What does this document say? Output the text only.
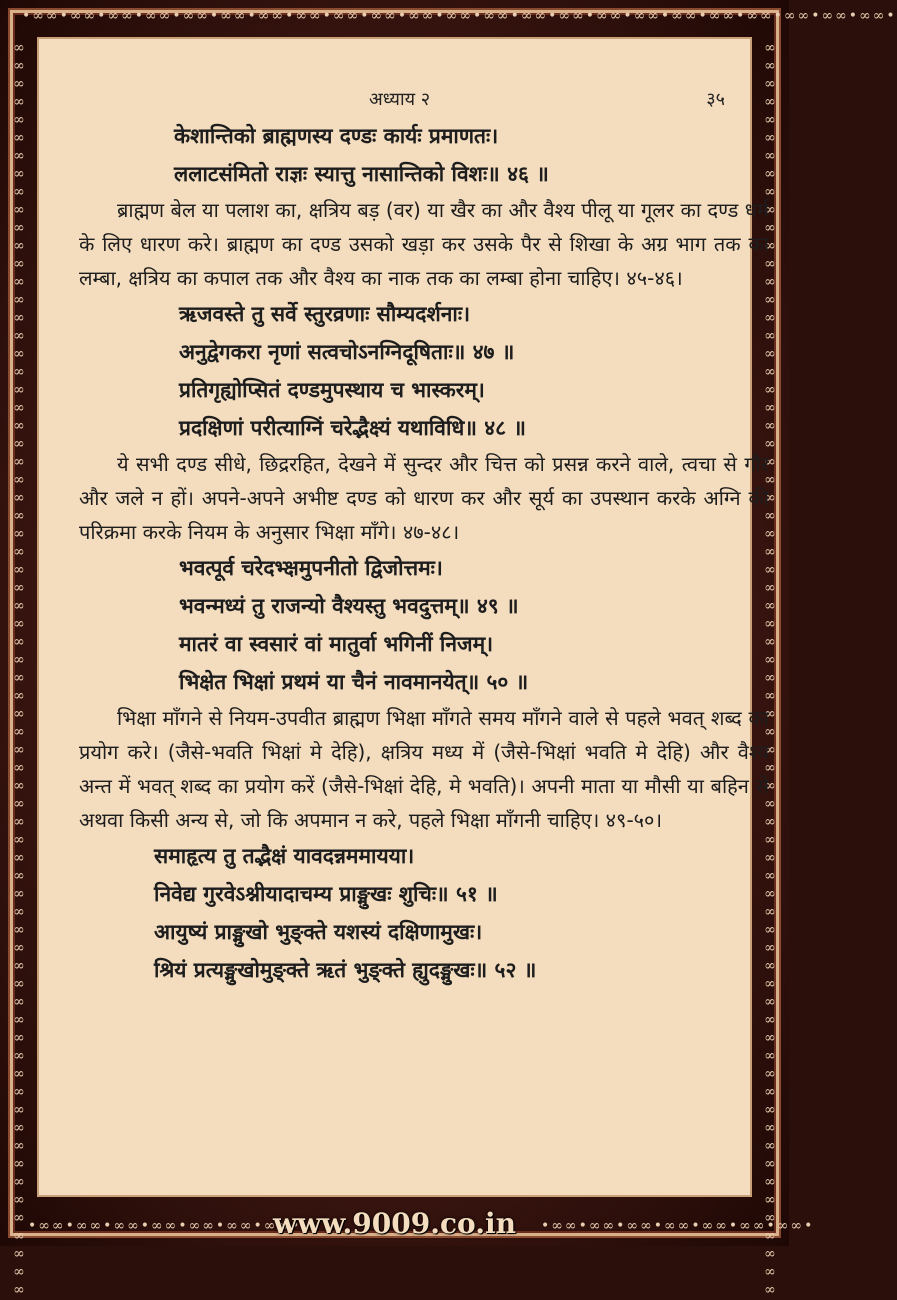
•∞∞•∞∞•∞∞•∞∞•∞∞•∞∞•∞∞•∞∞•∞∞•∞∞•∞∞•∞∞•∞∞•∞∞•∞∞•∞∞•∞∞•∞∞•∞∞•∞∞•∞∞•∞∞•∞∞•
∞∞∞∞∞∞∞∞∞∞∞∞∞∞∞∞∞∞∞∞∞∞∞∞∞∞∞∞∞∞∞∞∞∞∞∞∞∞∞∞∞∞∞∞∞∞∞∞∞∞∞∞∞∞∞∞∞∞∞∞∞∞∞∞∞∞∞∞∞∞	∞∞∞∞∞∞∞∞∞∞∞∞∞∞∞∞∞∞∞∞∞∞∞∞∞∞∞∞∞∞∞∞∞∞∞∞∞∞∞∞∞∞∞∞∞∞∞∞∞∞∞∞∞∞∞∞∞∞∞∞∞∞∞∞∞∞∞∞∞∞
•∞∞•∞∞•∞∞•∞∞•∞∞•∞∞•∞∞•	•∞∞•∞∞•∞∞•∞∞•∞∞•∞∞•∞∞•
अध्याय २	३५
केशान्तिको ब्राह्मणस्य दण्डः कार्यः प्रमाणतः।
ललाटसंमितो राज्ञः स्यात्तु नासान्तिको विशः॥ ४६ ॥

ब्राह्मण बेल या पलाश का, क्षत्रिय बड़ (वर) या खैर का और वैश्य पीलू या गूलर का दण्ड धर्म के लिए धारण करे। ब्राह्मण का दण्ड उसको खड़ा कर उसके पैर से शिखा के अग्र भाग तक का लम्बा, क्षत्रिय का कपाल तक और वैश्य का नाक तक का लम्बा होना चाहिए। ४५-४६।

ऋजवस्ते तु सर्वे स्तुरव्रणाः सौम्यदर्शनाः।
अनुद्वेगकरा नृणां सत्वचोऽनग्निदूषिताः॥ ४७ ॥
प्रतिगृह्योप्सितं दण्डमुपस्थाय च भास्करम्।
प्रदक्षिणां परीत्याग्निं चरेद्भैक्ष्यं यथाविधि॥ ४८ ॥

ये सभी दण्ड सीधे, छिद्ररहित, देखने में सुन्दर और चित्त को प्रसन्न करने वाले, त्वचा से गौर और जले न हों। अपने-अपने अभीष्ट दण्ड को धारण कर और सूर्य का उपस्थान करके अग्नि की परिक्रमा करके नियम के अनुसार भिक्षा माँगे। ४७-४८।

भवत्पूर्व चरेदभ्क्षमुपनीतो द्विजोत्तमः।
भवन्मध्यं तु राजन्यो वैश्यस्तु भवदुत्तम्॥ ४९ ॥
मातरं वा स्वसारं वां मातुर्वा भगिनीं निजम्।
भिक्षेत भिक्षां प्रथमं या चैनं नावमानयेत्॥ ५० ॥

भिक्षा माँगने से नियम-उपवीत ब्राह्मण भिक्षा माँगते समय माँगने वाले से पहले भवत् शब्द का प्रयोग करे। (जैसे-भवति भिक्षां मे देहि), क्षत्रिय मध्य में (जैसे-भिक्षां भवति मे देहि) और वैश्य अन्त में भवत् शब्द का प्रयोग करें (जैसे-भिक्षां देहि, मे भवति)। अपनी माता या मौसी या बहिन से अथवा किसी अन्य से, जो कि अपमान न करे, पहले भिक्षा माँगनी चाहिए। ४९-५०।

समाहृत्य तु तद्भैक्षं यावदन्नममायया।
निवेद्य गुरवेऽश्नीयादाचम्य प्राङ्मुखः शुचिः॥ ५१ ॥
आयुष्यं प्राङ्मुखो भुङ्क्ते यशस्यं दक्षिणामुखः।
श्रियं प्रत्यङ्मुखोमुङ्क्ते ऋतं भुङ्क्ते ह्युदङ्मुखः॥ ५२ ॥
www.9009.co.in
